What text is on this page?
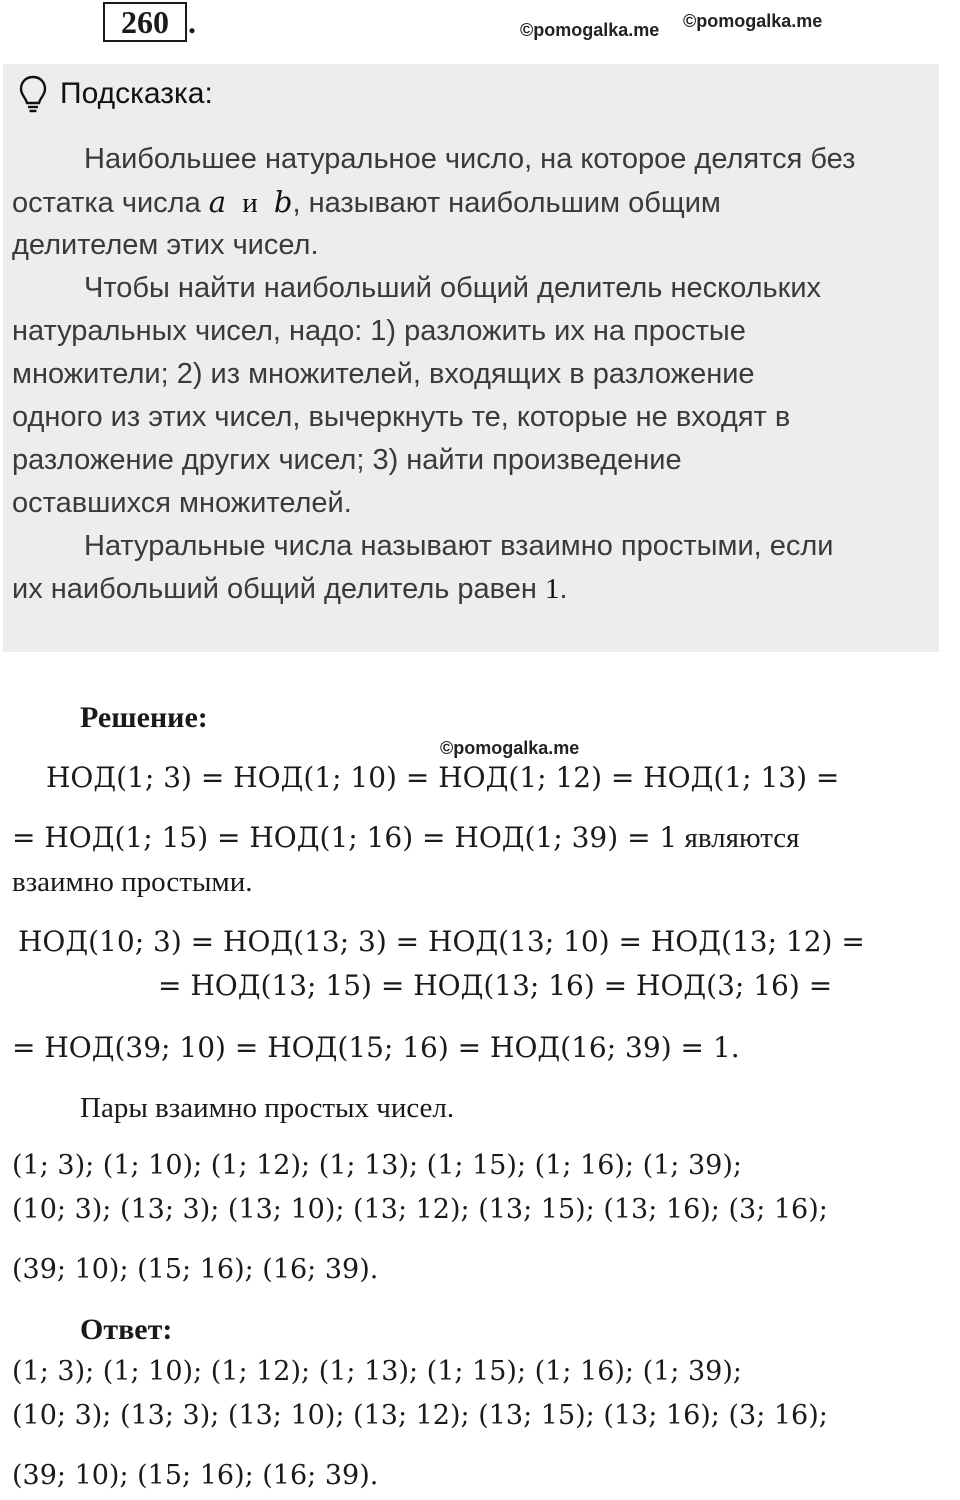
260 .	©pomogalka.me ©pomogalka.me
Подсказка:
Наибольшее натуральное число, на которое делятся без
остатка числа a и b, называют наибольшим общим
делителем этих чисел.
Чтобы найти наибольший общий делитель нескольких
натуральных чисел, надо: 1) разложить их на простые
множители; 2) из множителей, входящих в разложение
одного из этих чисел, вычеркнуть те, которые не входят в
разложение других чисел; 3) найти произведение
оставшихся множителей.
Натуральные числа называют взаимно простыми, если
их наибольший общий делитель равен 1.
Решение:
©pomogalka.me
НОД(1; 3) = НОД(1; 10) = НОД(1; 12) = НОД(1; 13) =
= НОД(1; 15) = НОД(1; 16) = НОД(1; 39) = 1 являются
взаимно простыми.
НОД(10; 3) = НОД(13; 3) = НОД(13; 10) = НОД(13; 12) =
= НОД(13; 15) = НОД(13; 16) = НОД(3; 16) =
= НОД(39; 10) = НОД(15; 16) = НОД(16; 39) = 1.
Пары взаимно простых чисел.
(1; 3); (1; 10); (1; 12); (1; 13); (1; 15); (1; 16); (1; 39);
(10; 3); (13; 3); (13; 10); (13; 12); (13; 15); (13; 16); (3; 16);
(39; 10); (15; 16); (16; 39).
Ответ:
(1; 3); (1; 10); (1; 12); (1; 13); (1; 15); (1; 16); (1; 39);
(10; 3); (13; 3); (13; 10); (13; 12); (13; 15); (13; 16); (3; 16);
(39; 10); (15; 16); (16; 39).
